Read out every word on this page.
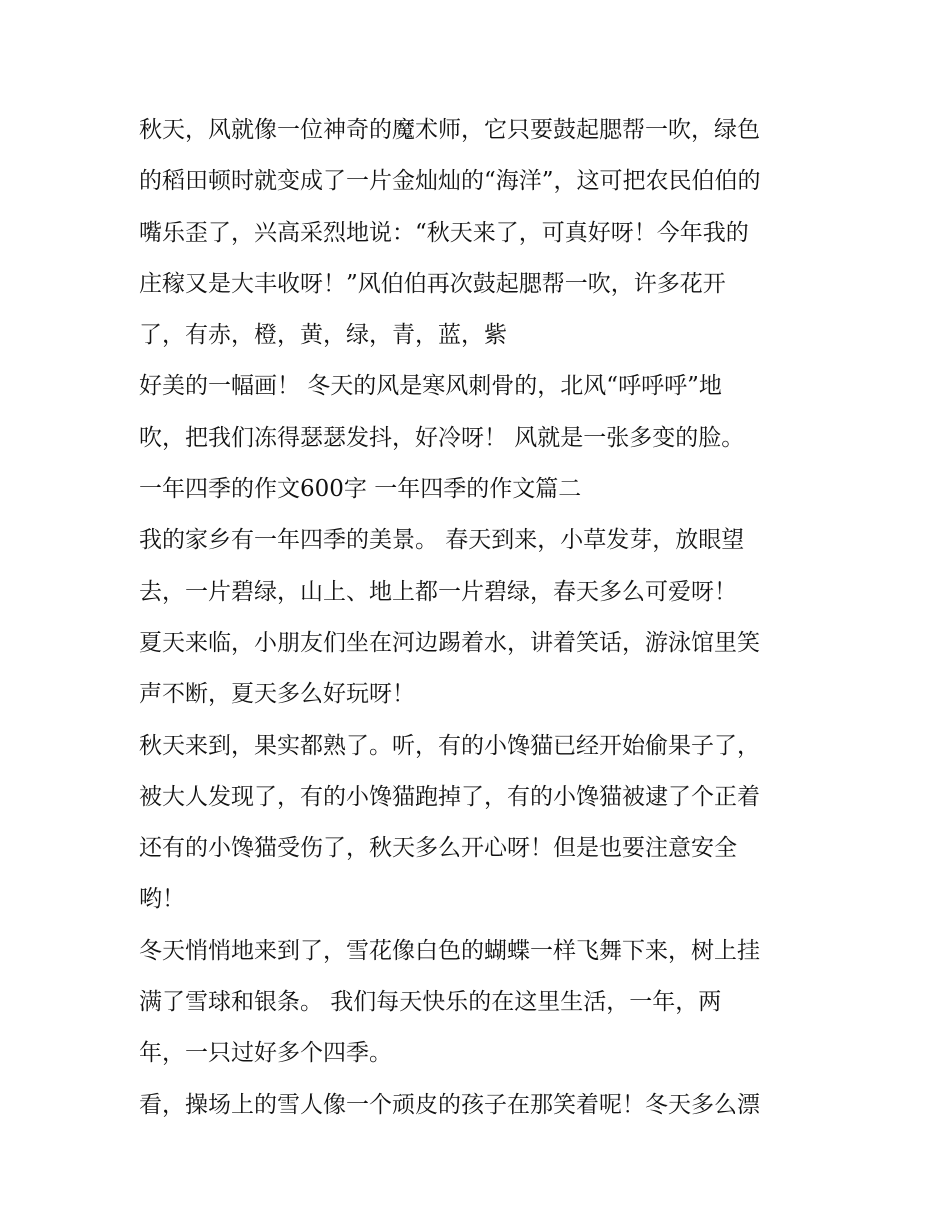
秋天，风就像一位神奇的魔术师，它只要鼓起腮帮一吹，绿色
的稻田顿时就变成了一片金灿灿的“海洋”，这可把农民伯伯的
嘴乐歪了，兴高采烈地说：“秋天来了，可真好呀！今年我的
庄稼又是大丰收呀！”风伯伯再次鼓起腮帮一吹，许多花开
了，有赤，橙，黄，绿，青，蓝，紫
好美的一幅画！ 冬天的风是寒风刺骨的，北风“呼呼呼”地
吹，把我们冻得瑟瑟发抖，好冷呀！ 风就是一张多变的脸。
一年四季的作文600字 一年四季的作文篇二
我的家乡有一年四季的美景。 春天到来，小草发芽，放眼望
去，一片碧绿，山上、地上都一片碧绿，春天多么可爱呀！
夏天来临，小朋友们坐在河边踢着水，讲着笑话，游泳馆里笑
声不断，夏天多么好玩呀！
秋天来到，果实都熟了。听，有的小馋猫已经开始偷果子了，
被大人发现了，有的小馋猫跑掉了，有的小馋猫被逮了个正着
还有的小馋猫受伤了，秋天多么开心呀！但是也要注意安全
哟！
冬天悄悄地来到了，雪花像白色的蝴蝶一样飞舞下来，树上挂
满了雪球和银条。 我们每天快乐的在这里生活，一年，两
年，一只过好多个四季。
看，操场上的雪人像一个顽皮的孩子在那笑着呢！冬天多么漂
